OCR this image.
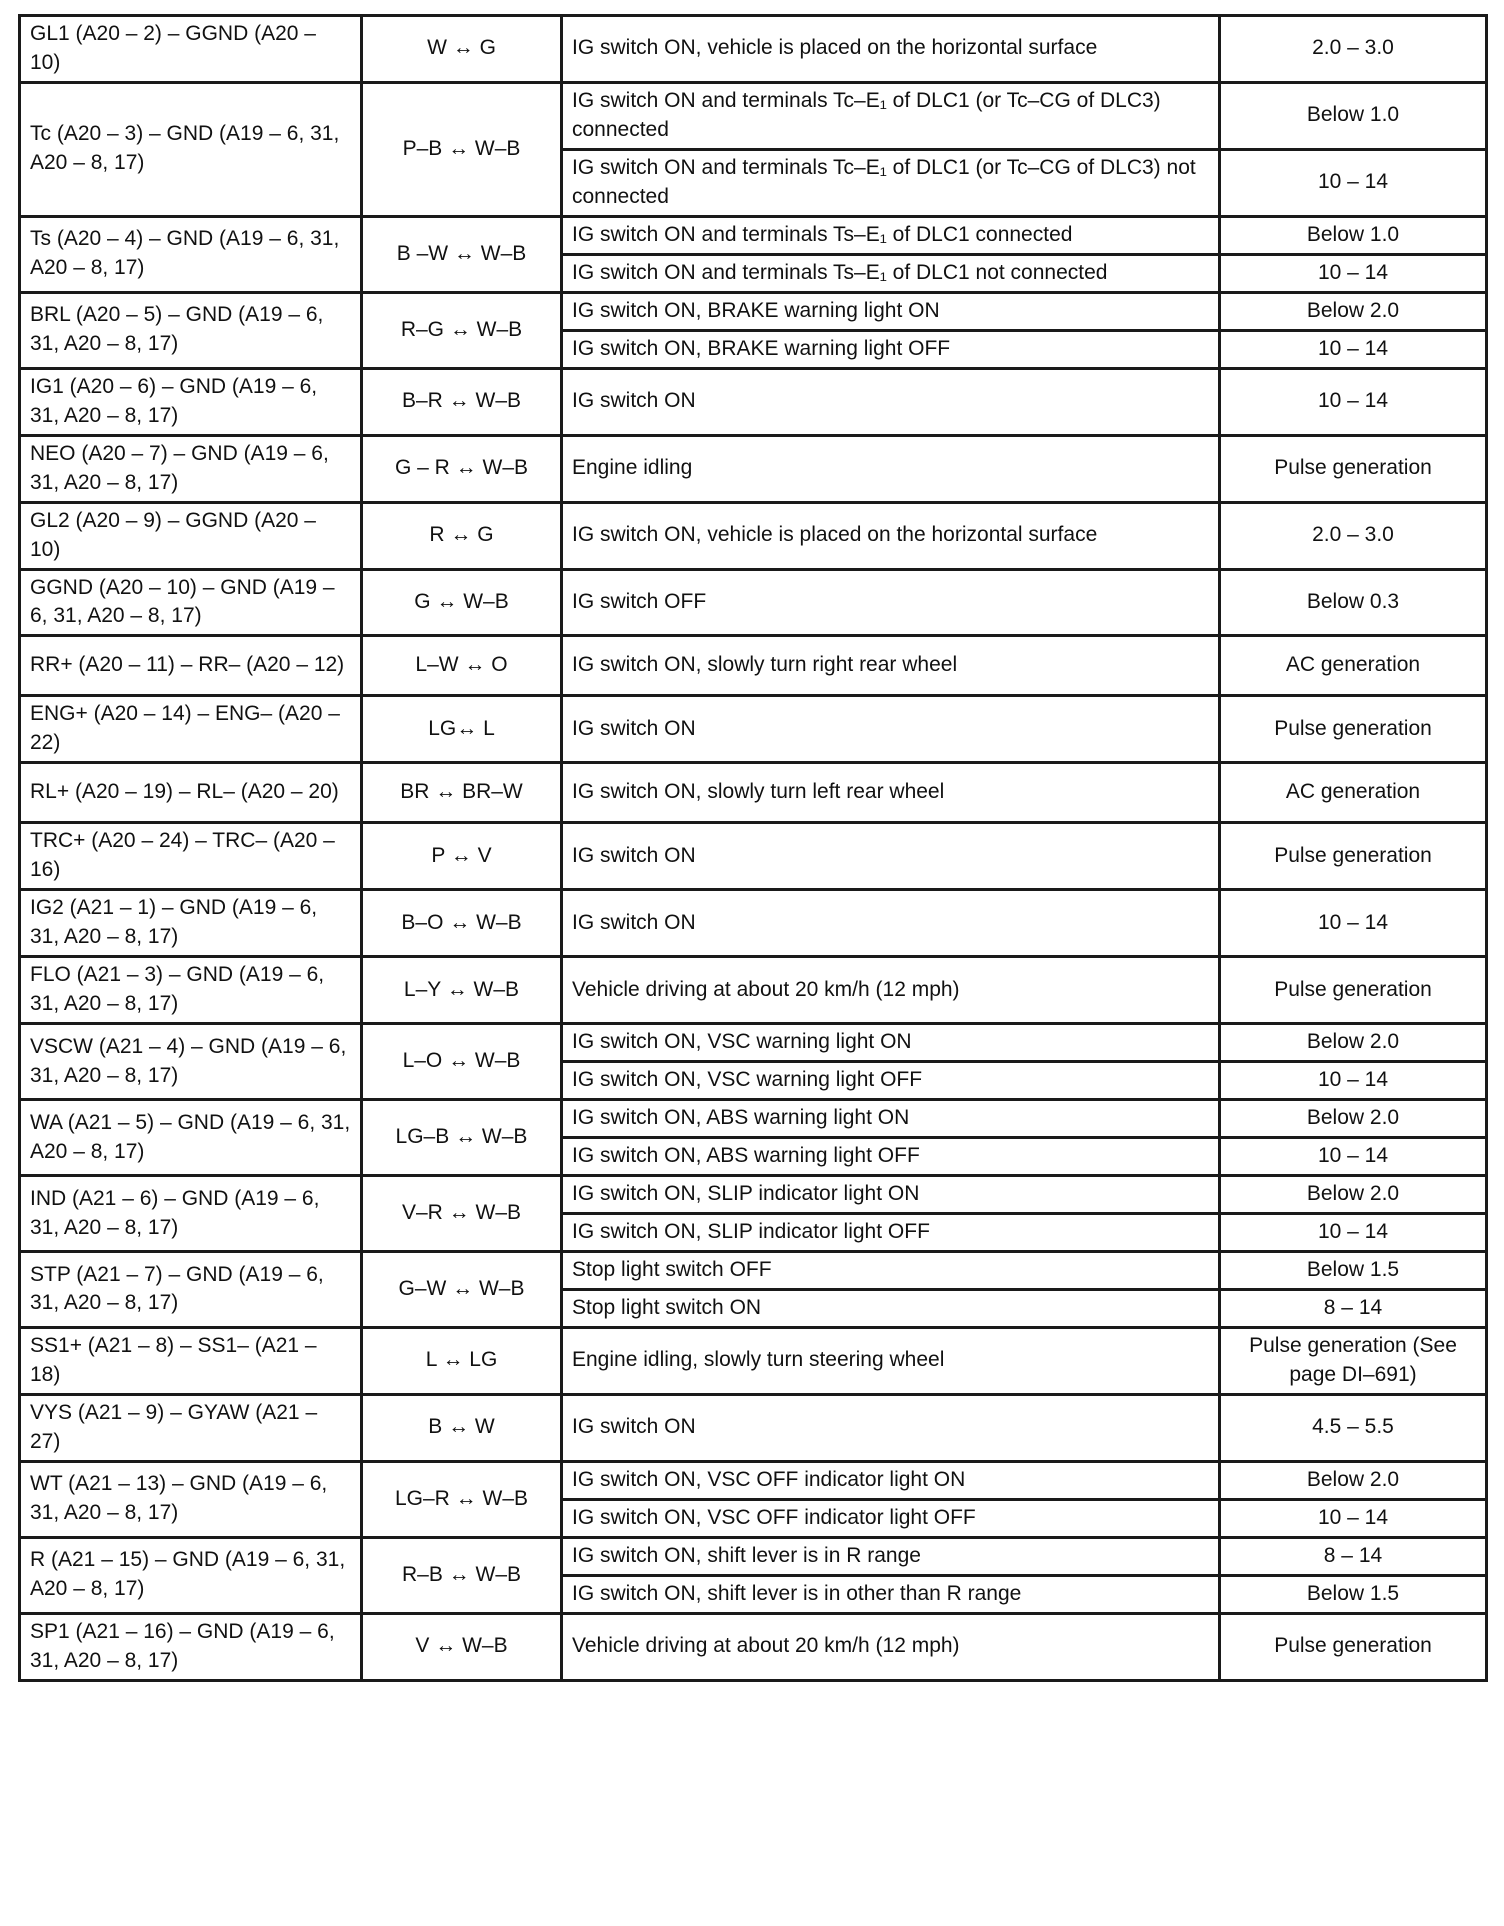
GL1 (A20 – 2) – GGND (A20 – 10)	W ↔ G	IG switch ON, vehicle is placed on the horizontal surface	2.0 – 3.0
Tc (A20 – 3) – GND (A19 – 6, 31, A20 – 8, 17)	P–B ↔ W–B	IG switch ON and terminals Tc–E₁ of DLC1 (or Tc–CG of DLC3) connected	Below 1.0
		IG switch ON and terminals Tc–E₁ of DLC1 (or Tc–CG of DLC3) not connected	10 – 14
Ts (A20 – 4) – GND (A19 – 6, 31, A20 – 8, 17)	B –W ↔ W–B	IG switch ON and terminals Ts–E₁ of DLC1 connected	Below 1.0
		IG switch ON and terminals Ts–E₁ of DLC1 not connected	10 – 14
BRL (A20 – 5) – GND (A19 – 6, 31, A20 – 8, 17)	R–G ↔ W–B	IG switch ON, BRAKE warning light ON	Below 2.0
		IG switch ON, BRAKE warning light OFF	10 – 14
IG1 (A20 – 6) – GND (A19 – 6, 31, A20 – 8, 17)	B–R ↔ W–B	IG switch ON	10 – 14
NEO (A20 – 7) – GND (A19 – 6, 31, A20 – 8, 17)	G – R ↔ W–B	Engine idling	Pulse generation
GL2 (A20 – 9) – GGND (A20 – 10)	R ↔ G	IG switch ON, vehicle is placed on the horizontal surface	2.0 – 3.0
GGND (A20 – 10) – GND (A19 – 6, 31, A20 – 8, 17)	G ↔ W–B	IG switch OFF	Below 0.3
RR+ (A20 – 11) – RR– (A20 – 12)	L–W ↔ O	IG switch ON, slowly turn right rear wheel	AC generation
ENG+ (A20 – 14) – ENG– (A20 – 22)	LG↔ L	IG switch ON	Pulse generation
RL+ (A20 – 19) – RL– (A20 – 20)	BR ↔ BR–W	IG switch ON, slowly turn left rear wheel	AC generation
TRC+ (A20 – 24) – TRC– (A20 – 16)	P ↔ V	IG switch ON	Pulse generation
IG2 (A21 – 1) – GND (A19 – 6, 31, A20 – 8, 17)	B–O ↔ W–B	IG switch ON	10 – 14
FLO (A21 – 3) – GND (A19 – 6, 31, A20 – 8, 17)	L–Y ↔ W–B	Vehicle driving at about 20 km/h (12 mph)	Pulse generation
VSCW (A21 – 4) – GND (A19 – 6, 31, A20 – 8, 17)	L–O ↔ W–B	IG switch ON, VSC warning light ON	Below 2.0
		IG switch ON, VSC warning light OFF	10 – 14
WA (A21 – 5) – GND (A19 – 6, 31, A20 – 8, 17)	LG–B ↔ W–B	IG switch ON, ABS warning light ON	Below 2.0
		IG switch ON, ABS warning light OFF	10 – 14
IND (A21 – 6) – GND (A19 – 6, 31, A20 – 8, 17)	V–R ↔ W–B	IG switch ON, SLIP indicator light ON	Below 2.0
		IG switch ON, SLIP indicator light OFF	10 – 14
STP (A21 – 7) – GND (A19 – 6, 31, A20 – 8, 17)	G–W ↔ W–B	Stop light switch OFF	Below 1.5
		Stop light switch ON	8 – 14
SS1+ (A21 – 8) – SS1– (A21 – 18)	L ↔ LG	Engine idling, slowly turn steering wheel	Pulse generation (See page DI–691)
VYS (A21 – 9) – GYAW (A21 – 27)	B ↔ W	IG switch ON	4.5 – 5.5
WT (A21 – 13) – GND (A19 – 6, 31, A20 – 8, 17)	LG–R ↔ W–B	IG switch ON, VSC OFF indicator light ON	Below 2.0
		IG switch ON, VSC OFF indicator light OFF	10 – 14
R (A21 – 15) – GND (A19 – 6, 31, A20 – 8, 17)	R–B ↔ W–B	IG switch ON, shift lever is in R range	8 – 14
		IG switch ON, shift lever is in other than R range	Below 1.5
SP1 (A21 – 16) – GND (A19 – 6, 31, A20 – 8, 17)	V ↔ W–B	Vehicle driving at about 20 km/h (12 mph)	Pulse generation
